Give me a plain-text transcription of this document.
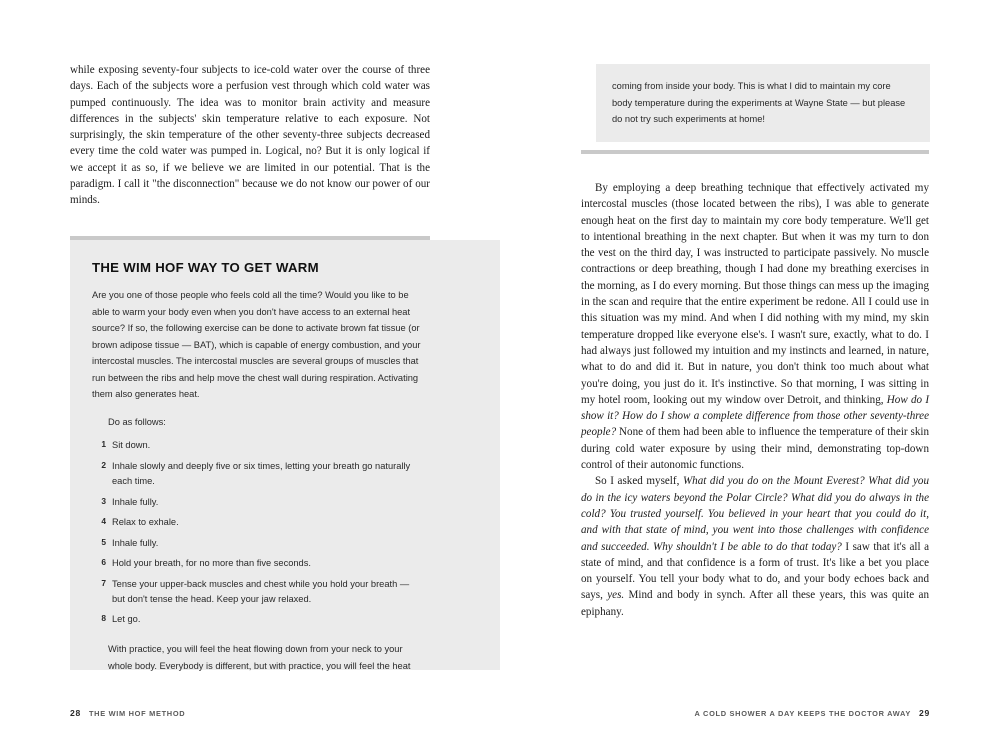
while exposing seventy-four subjects to ice-cold water over the course of three days. Each of the subjects wore a perfusion vest through which cold water was pumped continuously. The idea was to monitor brain activity and measure differences in the subjects' skin temperature relative to each exposure. Not surprisingly, the skin temperature of the other seventy-three subjects decreased every time the cold water was pumped in. Logical, no? But it is only logical if we accept it as so, if we believe we are limited in our potential. That is the paradigm. I call it "the disconnection" because we do not know our power of our minds.

THE WIM HOF WAY TO GET WARM

Are you one of those people who feels cold all the time? Would you like to be able to warm your body even when you don't have access to an external heat source? If so, the following exercise can be done to activate brown fat tissue (or brown adipose tissue — BAT), which is capable of energy combustion, and your intercostal muscles. The intercostal muscles are several groups of muscles that run between the ribs and help move the chest wall during respiration. Activating them also generates heat.

Do as follows:

1 Sit down.
2 Inhale slowly and deeply five or six times, letting your breath go naturally each time.
3 Inhale fully.
4 Relax to exhale.
5 Inhale fully.
6 Hold your breath, for no more than five seconds.
7 Tense your upper-back muscles and chest while you hold your breath — but don't tense the head. Keep your jaw relaxed.
8 Let go.

With practice, you will feel the heat flowing down from your neck to your whole body. Everybody is different, but with practice, you will feel the heat

28 THE WIM HOF METHOD
coming from inside your body. This is what I did to maintain my core body temperature during the experiments at Wayne State — but please do not try such experiments at home!

By employing a deep breathing technique that effectively activated my intercostal muscles (those located between the ribs), I was able to generate enough heat on the first day to maintain my core body temperature. We'll get to intentional breathing in the next chapter. But when it was my turn to don the vest on the third day, I was instructed to participate passively. No muscle contractions or deep breathing, though I had done my breathing exercises in the morning, as I do every morning. But those things can mess up the imaging in the scan and require that the entire experiment be redone. All I could use in this situation was my mind. And when I did nothing with my mind, my skin temperature dropped like everyone else's. I wasn't sure, exactly, what to do. I had always just followed my intuition and my instincts and learned, in nature, what to do and did it. But in nature, you don't think too much about what you're doing, you just do it. It's instinctive. So that morning, I was sitting in my hotel room, looking out my window over Detroit, and thinking, How do I show it? How do I show a complete difference from those other seventy-three people? None of them had been able to influence the temperature of their skin during cold water exposure by using their mind, demonstrating top-down control of their autonomic functions.

So I asked myself, What did you do on the Mount Everest? What did you do in the icy waters beyond the Polar Circle? What did you do always in the cold? You trusted yourself. You believed in your heart that you could do it, and with that state of mind, you went into those challenges with confidence and succeeded. Why shouldn't I be able to do that today? I saw that it's all a state of mind, and that confidence is a form of trust. It's like a bet you place on yourself. You tell your body what to do, and your body echoes back and says, yes. Mind and body in synch. After all these years, this was quite an epiphany.

A COLD SHOWER A DAY KEEPS THE DOCTOR AWAY 29
